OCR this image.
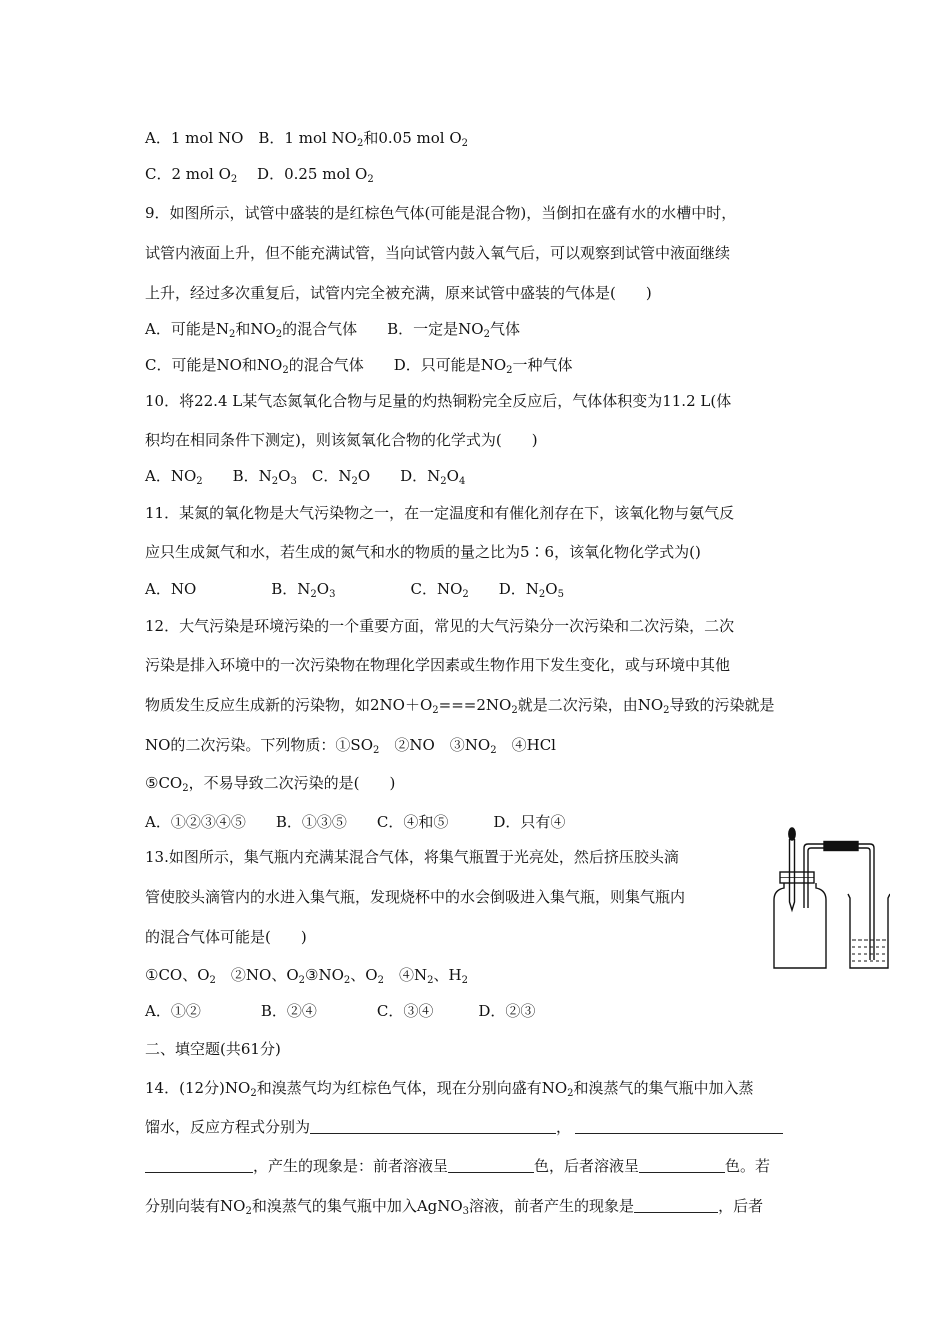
A．1 mol NO　B．1 mol $NO_2$和0.05 mol $O_2$
C．2 mol $O_2$　 D．0.25 mol $O_2$
9．如图所示，试管中盛装的是红棕色气体(可能是混合物)，当倒扣在盛有水的水槽中时，
试管内液面上升，但不能充满试管，当向试管内鼓入氧气后，可以观察到试管中液面继续
上升，经过多次重复后，试管内完全被充满，原来试管中盛装的气体是(　　)
A．可能是$N_2$和$NO_2$的混合气体　　B．一定是$NO_2$气体
C．可能是NO和$NO_2$的混合气体　　D．只可能是$NO_2$一种气体
10．将22.4 L某气态氮氧化合物与足量的灼热铜粉完全反应后，气体体积变为11.2 L(体
积均在相同条件下测定)，则该氮氧化合物的化学式为(　　)
A．$NO_2$　　B．$N_2O_3$　C．$N_2O$　　D．$N_2O_4$
11．某氮的氧化物是大气污染物之一，在一定温度和有催化剂存在下，该氧化物与氨气反
应只生成氮气和水，若生成的氮气和水的物质的量之比为5∶6，该氧化物化学式为()
A．NO　　　　　B．$N_2O_3$　　　　　C．$NO_2$　　D．$N_2O_5$
12．大气污染是环境污染的一个重要方面，常见的大气污染分一次污染和二次污染，二次
污染是排入环境中的一次污染物在物理化学因素或生物作用下发生变化，或与环境中其他
物质发生反应生成新的污染物，如$2NO+O_2===2NO_2$就是二次污染，由$NO_2$导致的污染就是
NO的二次污染。下列物质：$①SO_2$　②NO　$③NO_2$　④HCl
$⑤CO_2$，不易导致二次污染的是(　　)
A．①②③④⑤　　B．①③⑤　　C．④和⑤　　　D．只有④
13.如图所示，集气瓶内充满某混合气体，将集气瓶置于光亮处，然后挤压胶头滴
管使胶头滴管内的水进入集气瓶，发现烧杯中的水会倒吸进入集气瓶，则集气瓶内
的混合气体可能是(　　)
①CO、$O_2$　②NO、$O_2③NO_2$、$O_2$　$④N_2$、$H_2$
A．①②　　　　B．②④　　　　C．③④　　　D．②③
二、填空题(共61分)
14．(12分)$NO_2$和溴蒸气均为红棕色气体，现在分别向盛有$NO_2$和溴蒸气的集气瓶中加入蒸
馏水，反应方程式分别为	，
，产生的现象是：前者溶液呈	色，后者溶液呈	色。若
分别向装有$NO_2$和溴蒸气的集气瓶中加入AgNO$_3$溶液，前者产生的现象是	，后者
